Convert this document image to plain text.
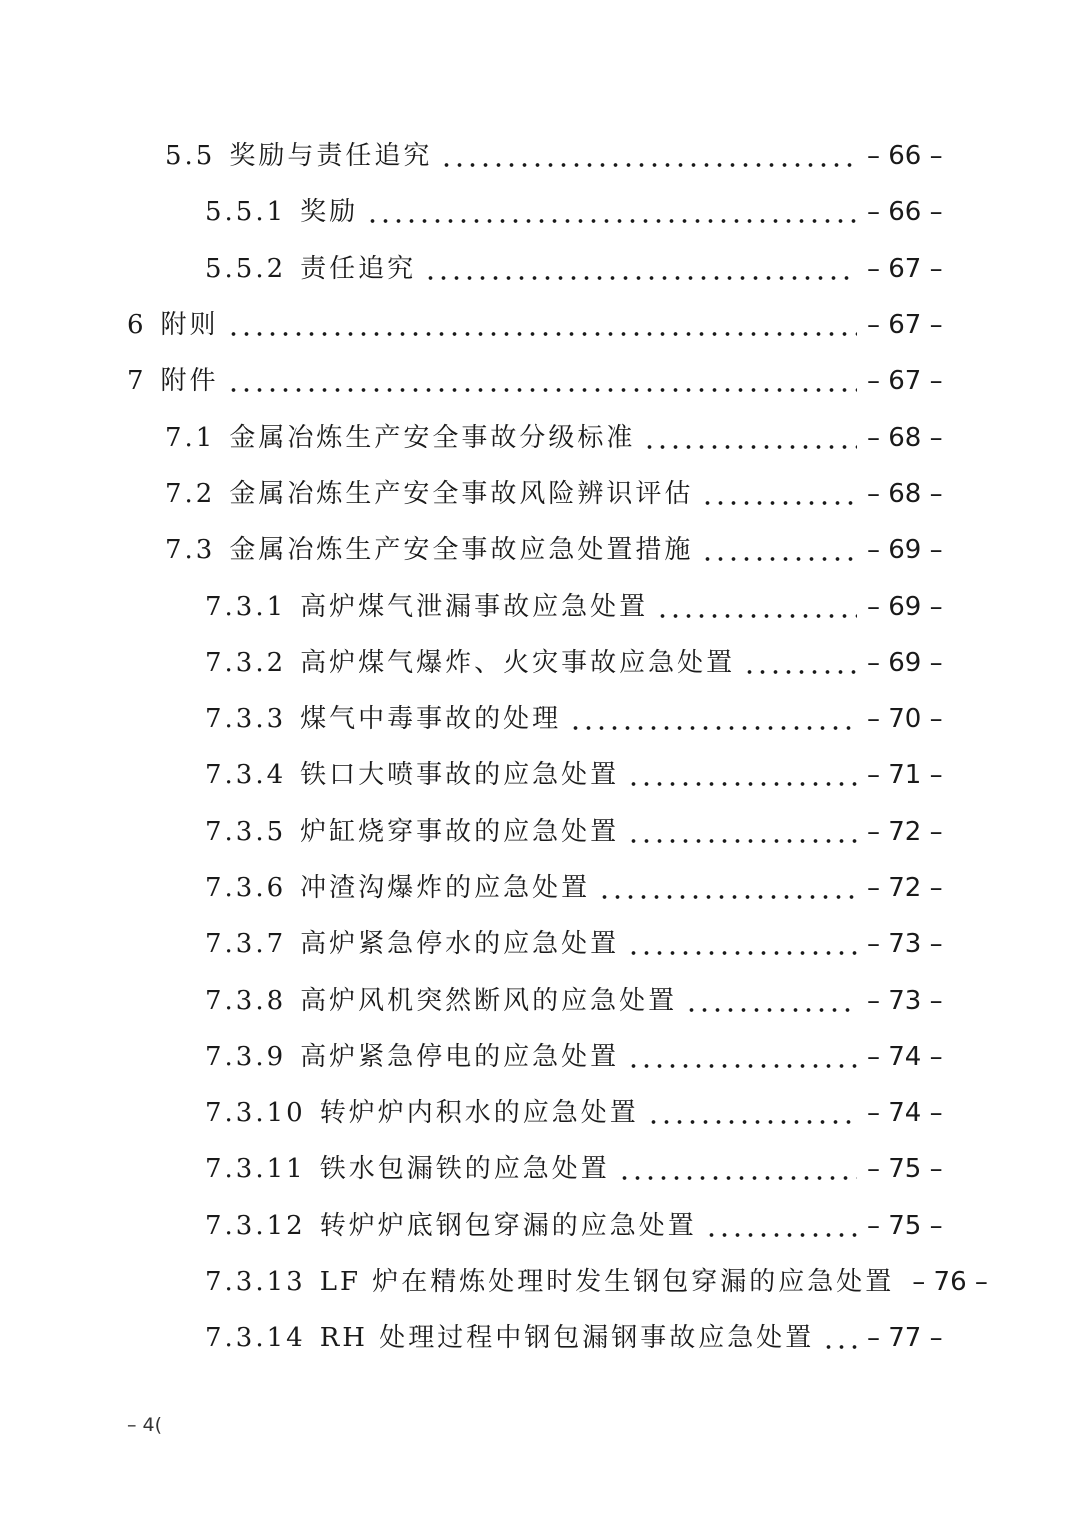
5.5 奖励与责任追究	– 66 –
5.5.1 奖励	– 66 –
5.5.2 责任追究	– 67 –
6 附则	– 67 –
7 附件	– 67 –
7.1 金属冶炼生产安全事故分级标准	– 68 –
7.2 金属冶炼生产安全事故风险辨识评估	– 68 –
7.3 金属冶炼生产安全事故应急处置措施	– 69 –
7.3.1 高炉煤气泄漏事故应急处置	– 69 –
7.3.2 高炉煤气爆炸、火灾事故应急处置	– 69 –
7.3.3 煤气中毒事故的处理	– 70 –
7.3.4 铁口大喷事故的应急处置	– 71 –
7.3.5 炉缸烧穿事故的应急处置	– 72 –
7.3.6 冲渣沟爆炸的应急处置	– 72 –
7.3.7 高炉紧急停水的应急处置	– 73 –
7.3.8 高炉风机突然断风的应急处置	– 73 –
7.3.9 高炉紧急停电的应急处置	– 74 –
7.3.10 转炉炉内积水的应急处置	– 74 –
7.3.11 铁水包漏铁的应急处置	– 75 –
7.3.12 转炉炉底钢包穿漏的应急处置	– 75 –
7.3.13 LF 炉在精炼处理时发生钢包穿漏的应急处置 – 76 –
7.3.14 RH 处理过程中钢包漏钢事故应急处置 – 77 –
– 4(
